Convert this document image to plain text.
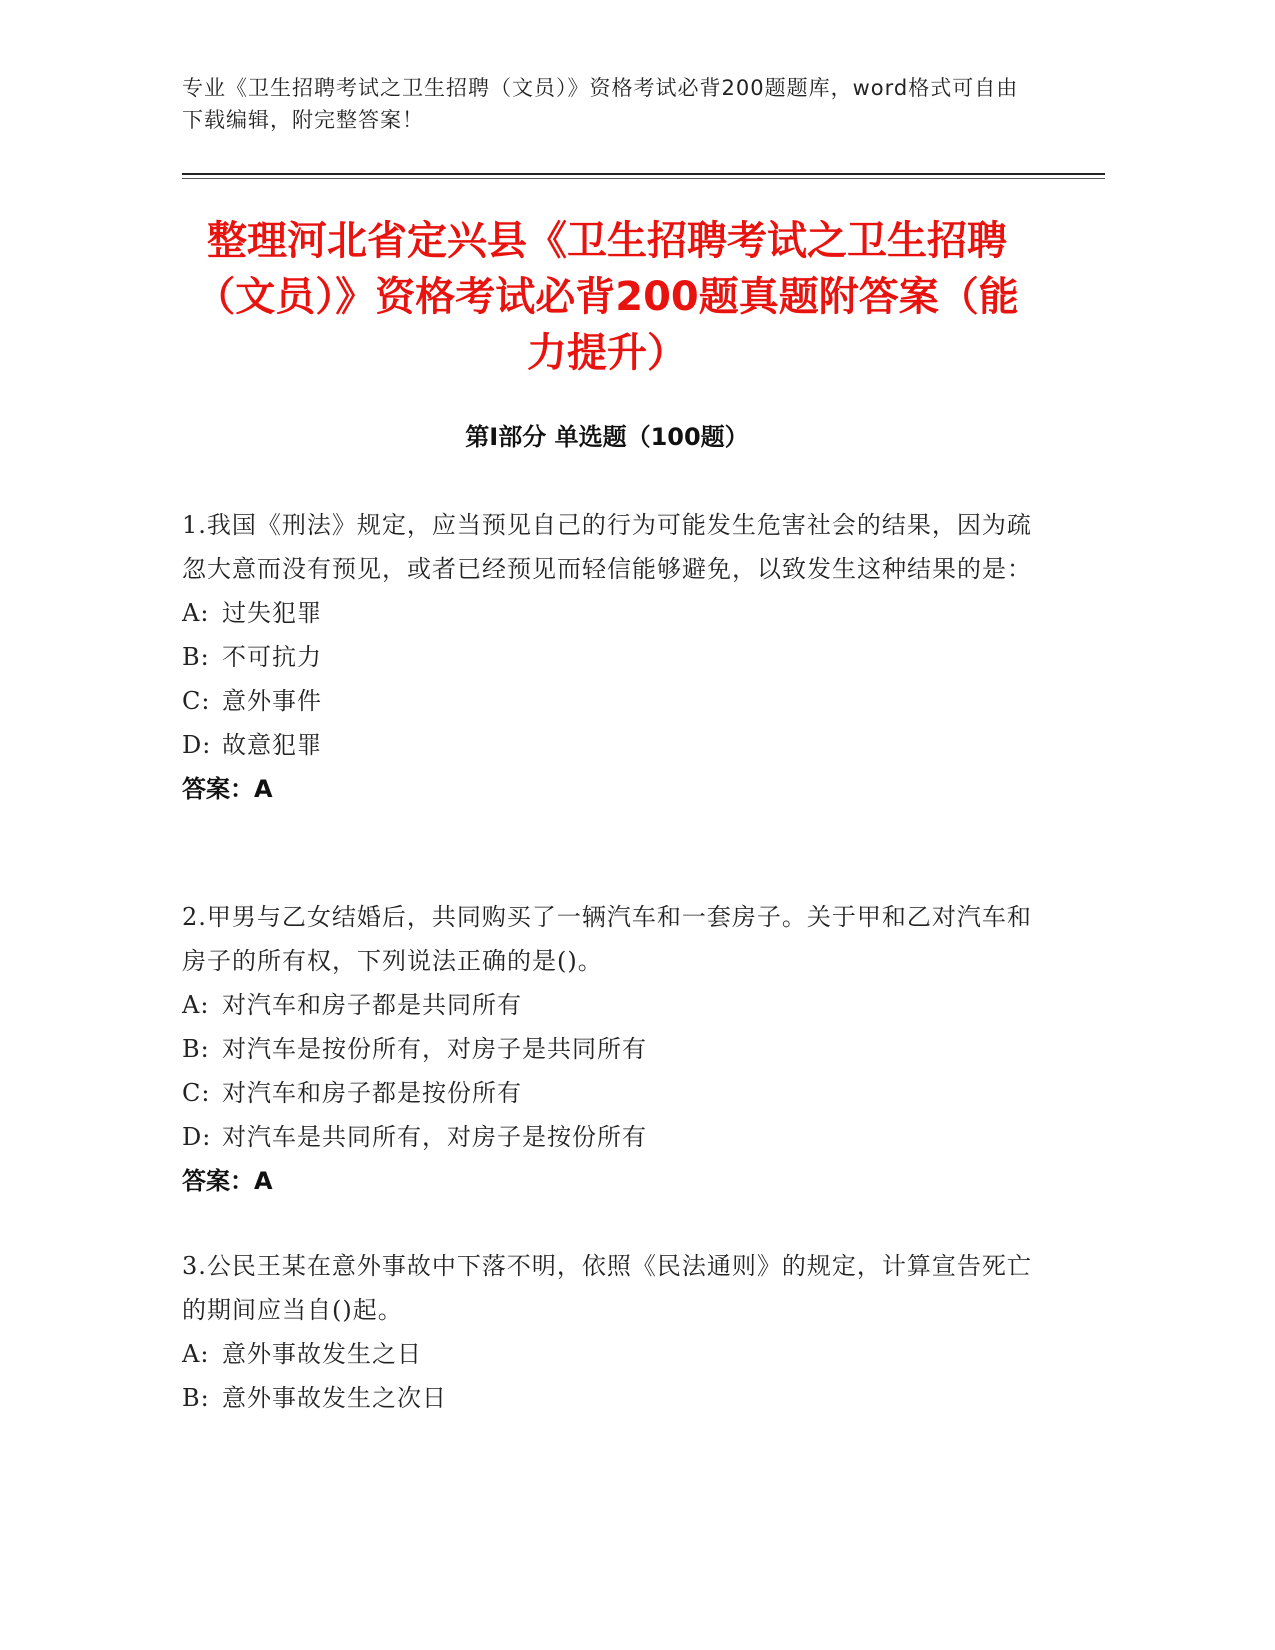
专业《卫生招聘考试之卫生招聘（文员）》资格考试必背200题题库，word格式可自由下载编辑，附完整答案！
整理河北省定兴县《卫生招聘考试之卫生招聘（文员）》资格考试必背200题真题附答案（能力提升）
第I部分 单选题（100题）

1.我国《刑法》规定，应当预见自己的行为可能发生危害社会的结果，因为疏忽大意而没有预见，或者已经预见而轻信能够避免，以致发生这种结果的是：

A: 过失犯罪

B: 不可抗力

C: 意外事件

D: 故意犯罪

答案：A

2.甲男与乙女结婚后，共同购买了一辆汽车和一套房子。关于甲和乙对汽车和房子的所有权，下列说法正确的是()。

A: 对汽车和房子都是共同所有

B: 对汽车是按份所有，对房子是共同所有

C: 对汽车和房子都是按份所有

D: 对汽车是共同所有，对房子是按份所有

答案：A

3.公民王某在意外事故中下落不明，依照《民法通则》的规定，计算宣告死亡的期间应当自()起。

A: 意外事故发生之日

B: 意外事故发生之次日
